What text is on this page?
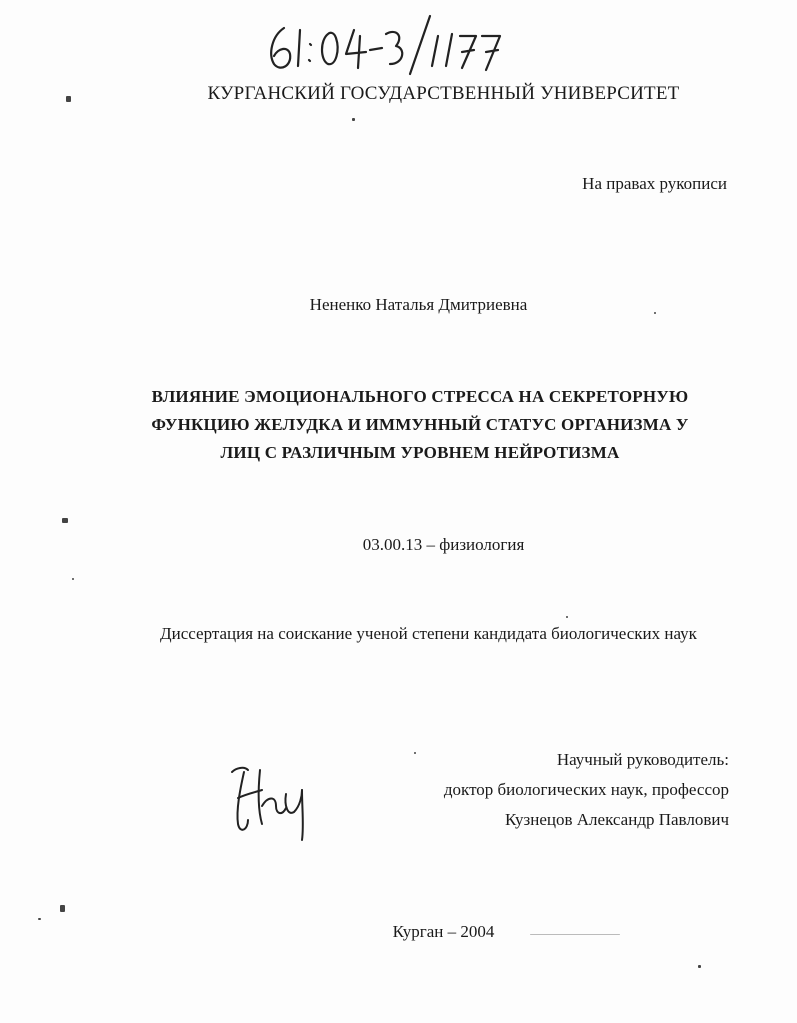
КУРГАНСКИЙ ГОСУДАРСТВЕННЫЙ УНИВЕРСИТЕТ
На правах рукописи
Нененко Наталья Дмитриевна
ВЛИЯНИЕ ЭМОЦИОНАЛЬНОГО СТРЕССА НА СЕКРЕТОРНУЮ
ФУНКЦИЮ ЖЕЛУДКА И ИММУННЫЙ СТАТУС ОРГАНИЗМА У
ЛИЦ С РАЗЛИЧНЫМ УРОВНЕМ НЕЙРОТИЗМА
03.00.13 – физиология
Диссертация на соискание ученой степени кандидата биологических наук
Научный руководитель:
доктор биологических наук, профессор
Кузнецов Александр Павлович
Курган – 2004
